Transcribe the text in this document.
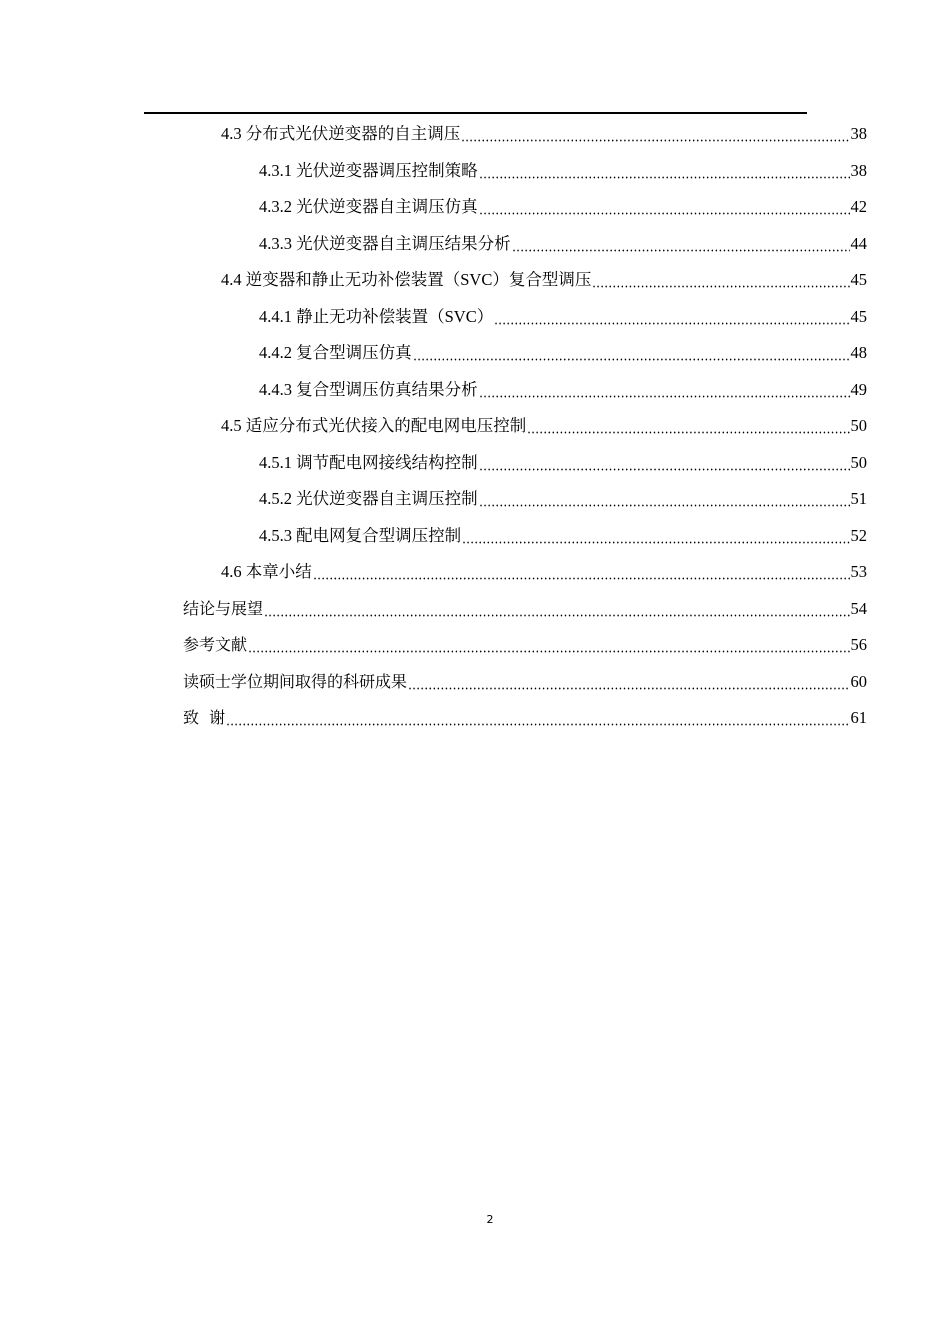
4.3 分布式光伏逆变器的自主调压	38
4.3.1 光伏逆变器调压控制策略	38
4.3.2 光伏逆变器自主调压仿真	42
4.3.3 光伏逆变器自主调压结果分析	44
4.4 逆变器和静止无功补偿装置（SVC）复合型调压	45
4.4.1 静止无功补偿装置（SVC）	45
4.4.2 复合型调压仿真	48
4.4.3 复合型调压仿真结果分析	49
4.5 适应分布式光伏接入的配电网电压控制	50
4.5.1 调节配电网接线结构控制	50
4.5.2 光伏逆变器自主调压控制	51
4.5.3 配电网复合型调压控制	52
4.6 本章小结	53
结论与展望	54
参考文献	56
读硕士学位期间取得的科研成果	60
致  谢	61
2
